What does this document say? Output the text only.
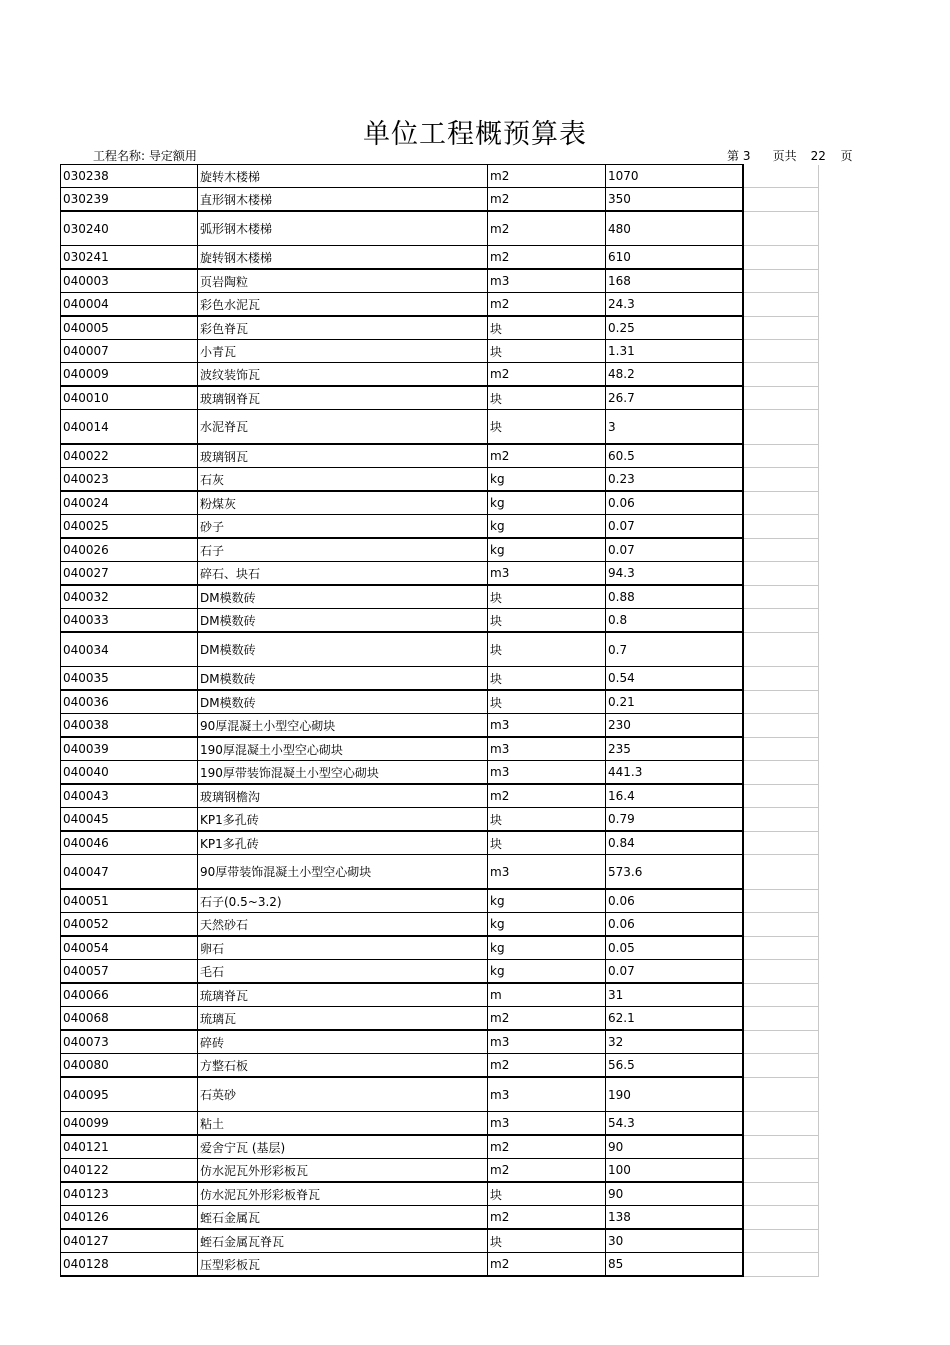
单位工程概预算表
工程名称: 导定额用	第 3 页共 22 页
030238	旋转木楼梯	m2	1070	
030239	直形钢木楼梯	m2	350	
030240	弧形钢木楼梯	m2	480	
030241	旋转钢木楼梯	m2	610	
040003	页岩陶粒	m3	168	
040004	彩色水泥瓦	m2	24.3	
040005	彩色脊瓦	块	0.25	
040007	小青瓦	块	1.31	
040009	波纹装饰瓦	m2	48.2	
040010	玻璃钢脊瓦	块	26.7	
040014	水泥脊瓦	块	3	
040022	玻璃钢瓦	m2	60.5	
040023	石灰	kg	0.23	
040024	粉煤灰	kg	0.06	
040025	砂子	kg	0.07	
040026	石子	kg	0.07	
040027	碎石、块石	m3	94.3	
040032	DM模数砖	块	0.88	
040033	DM模数砖	块	0.8	
040034	DM模数砖	块	0.7	
040035	DM模数砖	块	0.54	
040036	DM模数砖	块	0.21	
040038	90厚混凝土小型空心砌块	m3	230	
040039	190厚混凝土小型空心砌块	m3	235	
040040	190厚带装饰混凝土小型空心砌块	m3	441.3	
040043	玻璃钢檐沟	m2	16.4	
040045	KP1多孔砖	块	0.79	
040046	KP1多孔砖	块	0.84	
040047	90厚带装饰混凝土小型空心砌块	m3	573.6	
040051	石子(0.5~3.2)	kg	0.06	
040052	天然砂石	kg	0.06	
040054	卵石	kg	0.05	
040057	毛石	kg	0.07	
040066	琉璃脊瓦	m	31	
040068	琉璃瓦	m2	62.1	
040073	碎砖	m3	32	
040080	方整石板	m2	56.5	
040095	石英砂	m3	190	
040099	粘土	m3	54.3	
040121	爱舍宁瓦 (基层)	m2	90	
040122	仿水泥瓦外形彩板瓦	m2	100	
040123	仿水泥瓦外形彩板脊瓦	块	90	
040126	蛭石金属瓦	m2	138	
040127	蛭石金属瓦脊瓦	块	30	
040128	压型彩板瓦	m2	85	
